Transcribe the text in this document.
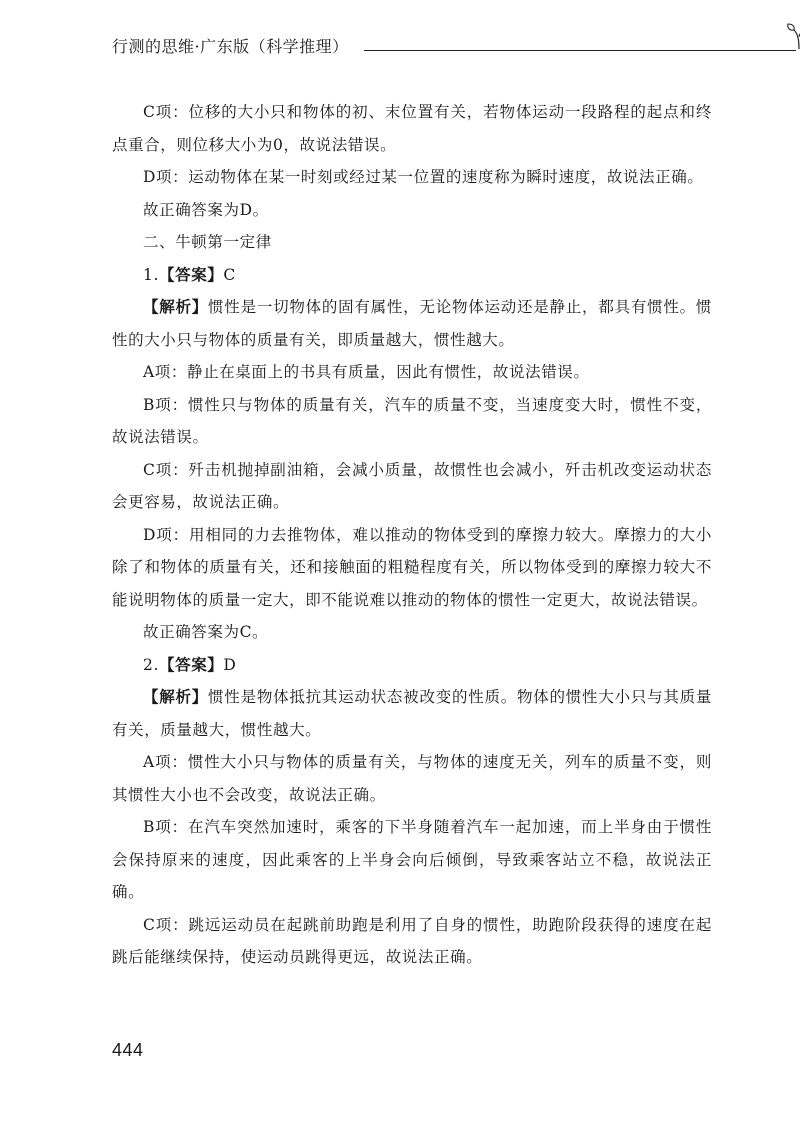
行测的思维·广东版（科学推理）

C项：位移的大小只和物体的初、末位置有关，若物体运动一段路程的起点和终点重合，则位移大小为0，故说法错误。

D项：运动物体在某一时刻或经过某一位置的速度称为瞬时速度，故说法正确。

故正确答案为D。

二、牛顿第一定律

1.【答案】C

【解析】惯性是一切物体的固有属性，无论物体运动还是静止，都具有惯性。惯性的大小只与物体的质量有关，即质量越大，惯性越大。

A项：静止在桌面上的书具有质量，因此有惯性，故说法错误。

B项：惯性只与物体的质量有关，汽车的质量不变，当速度变大时，惯性不变，故说法错误。

C项：歼击机抛掉副油箱，会减小质量，故惯性也会减小，歼击机改变运动状态会更容易，故说法正确。

D项：用相同的力去推物体，难以推动的物体受到的摩擦力较大。摩擦力的大小除了和物体的质量有关，还和接触面的粗糙程度有关，所以物体受到的摩擦力较大不能说明物体的质量一定大，即不能说难以推动的物体的惯性一定更大，故说法错误。

故正确答案为C。

2.【答案】D

【解析】惯性是物体抵抗其运动状态被改变的性质。物体的惯性大小只与其质量有关，质量越大，惯性越大。

A项：惯性大小只与物体的质量有关，与物体的速度无关，列车的质量不变，则其惯性大小也不会改变，故说法正确。

B项：在汽车突然加速时，乘客的下半身随着汽车一起加速，而上半身由于惯性会保持原来的速度，因此乘客的上半身会向后倾倒，导致乘客站立不稳，故说法正确。

C项：跳远运动员在起跳前助跑是利用了自身的惯性，助跑阶段获得的速度在起跳后能继续保持，使运动员跳得更远，故说法正确。

444
